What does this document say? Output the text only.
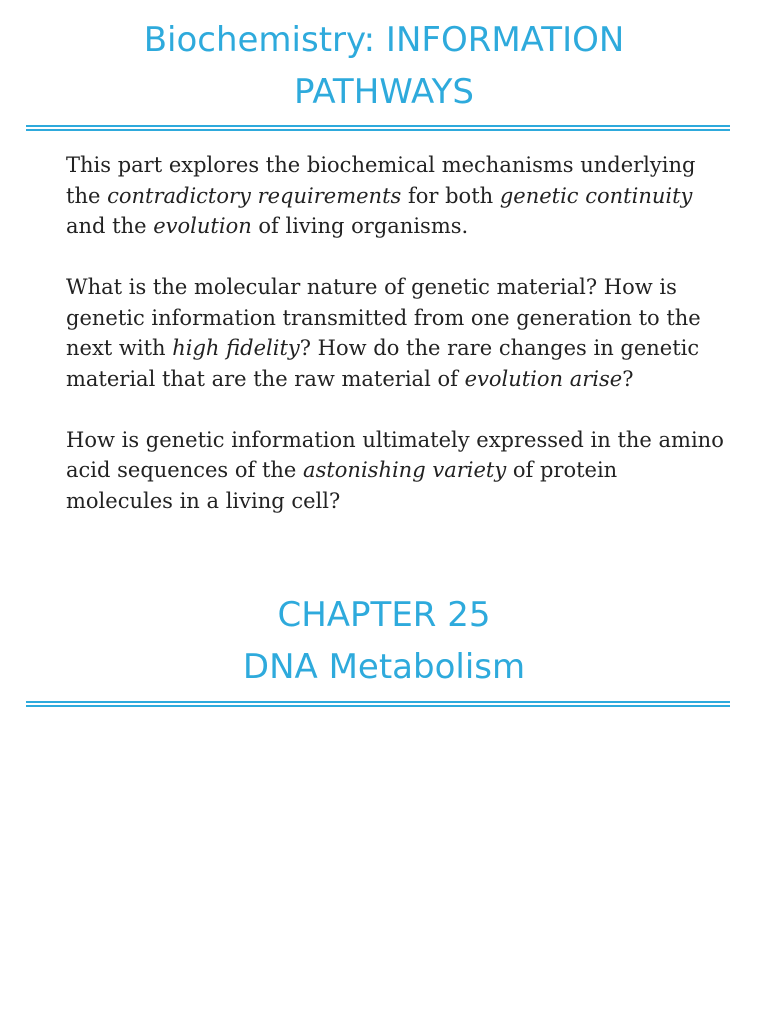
Biochemistry: INFORMATION
PATHWAYS

This part explores the biochemical mechanisms underlying the contradictory requirements for both genetic continuity and the evolution of living organisms.

What is the molecular nature of genetic material? How is genetic information transmitted from one generation to the next with high fidelity? How do the rare changes in genetic material that are the raw material of evolution arise?

How is genetic information ultimately expressed in the amino acid sequences of the astonishing variety of protein molecules in a living cell?

CHAPTER 25
DNA Metabolism
